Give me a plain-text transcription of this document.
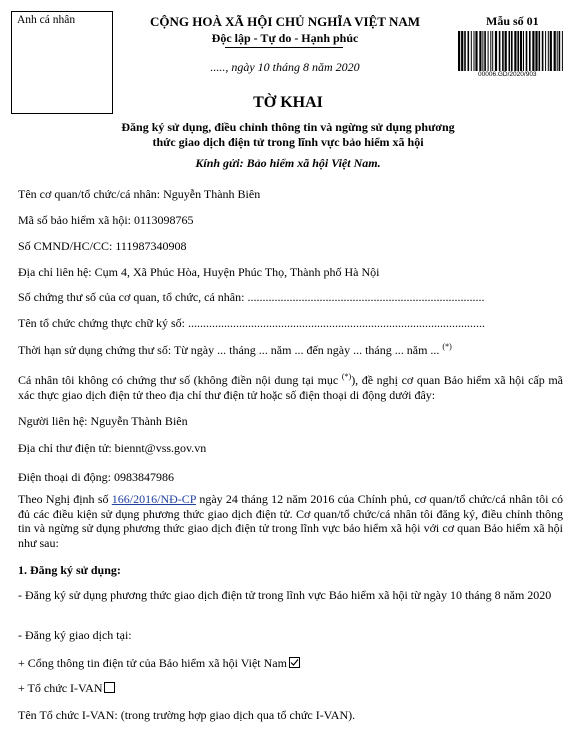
Anh cá nhân	CỘNG HOÀ XÃ HỘI CHỦ NGHĨA VIỆT NAM
Độc lập - Tự do - Hạnh phúc
....., ngày 10 tháng 8 năm 2020
Mẫu số 01
00006.GD/2020/903
TỜ KHAI
Đăng ký sử dụng, điều chỉnh thông tin và ngừng sử dụng phương
thức giao dịch điện tử trong lĩnh vực bảo hiểm xã hội
Kính gửi: Bảo hiểm xã hội Việt Nam.
Tên cơ quan/tổ chức/cá nhân: Nguyễn Thành Biên
Mã số bảo hiểm xã hội: 0113098765
Số CMND/HC/CC: 111987340908
Địa chỉ liên hệ: Cụm 4, Xã Phúc Hòa, Huyện Phúc Thọ, Thành phố Hà Nội
Số chứng thư số của cơ quan, tổ chức, cá nhân: ...............................................................................
Tên tổ chức chứng thực chữ ký số: ...................................................................................................
Thời hạn sử dụng chứng thư số: Từ ngày ... tháng ... năm ... đến ngày ... tháng ... năm ... (*)
Cá nhân tôi không có chứng thư số (không điền nội dung tại mục (*)), đề nghị cơ quan Bảo hiểm xã hội cấp mã xác thực giao dịch điện tử theo địa chỉ thư điện tử hoặc số điện thoại di động dưới đây:
Người liên hệ: Nguyễn Thành Biên
Địa chỉ thư điện tử: biennt@vss.gov.vn
Điện thoại di động: 0983847986
Theo Nghị định số 166/2016/NĐ-CP ngày 24 tháng 12 năm 2016 của Chính phủ, cơ quan/tổ chức/cá nhân tôi có đủ các điều kiện sử dụng phương thức giao dịch điện tử. Cơ quan/tổ chức/cá nhân tôi đăng ký, điều chỉnh thông tin và ngừng sử dụng phương thức giao dịch điện tử trong lĩnh vực bảo hiểm xã hội với cơ quan Bảo hiểm xã hội như sau:
1. Đăng ký sử dụng:
- Đăng ký sử dụng phương thức giao dịch điện tử trong lĩnh vực Bảo hiểm xã hội từ ngày 10 tháng 8 năm 2020
- Đăng ký giao dịch tại:
+ Cổng thông tin điện tử của Bảo hiểm xã hội Việt Nam
+ Tổ chức I-VAN
Tên Tổ chức I-VAN: (trong trường hợp giao dịch qua tổ chức I-VAN).
